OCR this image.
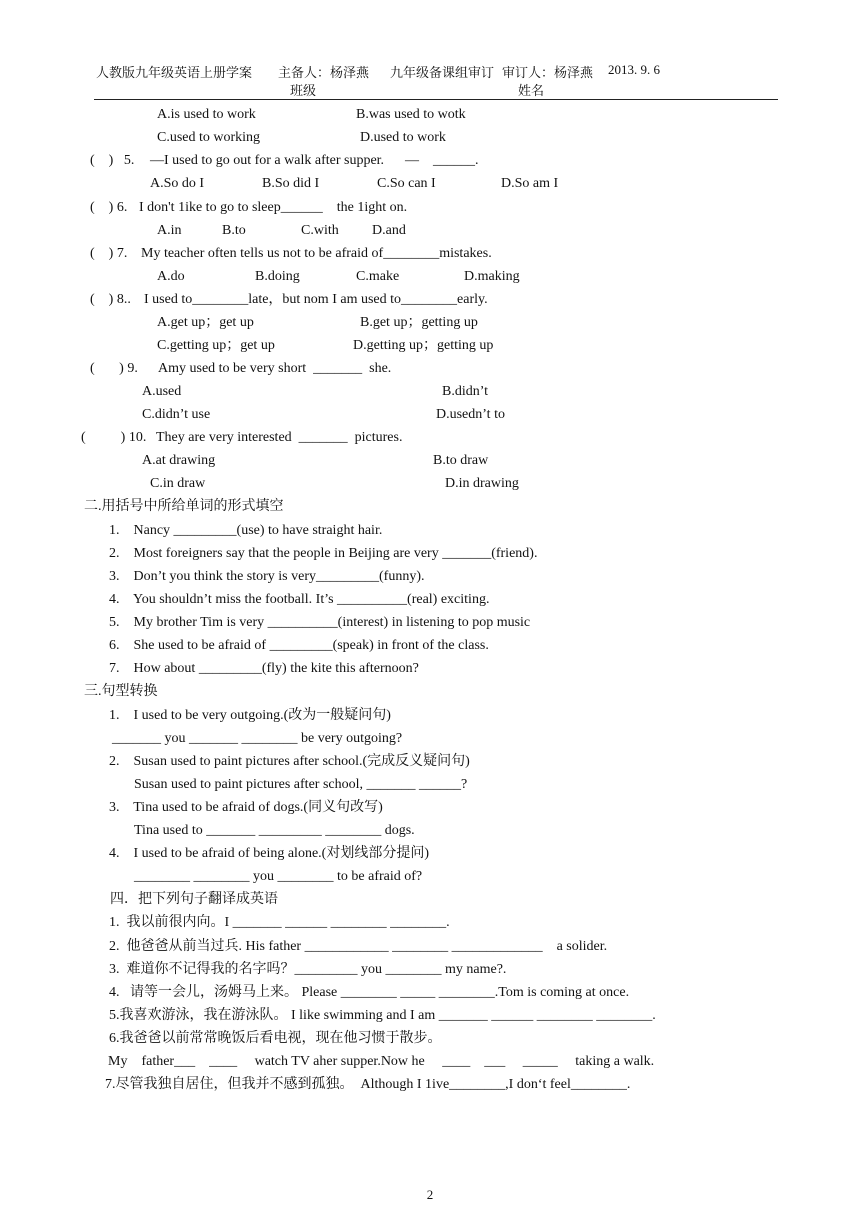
人教版九年级英语上册学案 主备人：杨泽燕 九年级备课组审订 审订人：杨泽燕 2013. 9. 6
班级	姓名
A.is used to work	B.was used to wotk
C.used to working	D.used to work
(    )   5. —I used to go out for a walk after supper.      —    ______.
A.So do I	B.So did I	C.So can I	D.So am I
(    ) 6. I don't 1ike to go to sleep______    the 1ight on.
A.in	B.to	C.with D.and
(    ) 7. My teacher often tells us not to be afraid of________mistakes.
A.do	B.doing	C.make	D.making
(    ) 8.. I used to________late，but nom I am used to________early.
A.get up；get up	B.get up；getting up
C.getting up；get up	D.getting up；getting up
(       ) 9. Amy used to be very short  _______  she.
A.used	B.didn’t
C.didn’t use	D.usedn’t to
(          ) 10. They are very interested  _______  pictures.
A.at drawing	B.to draw
C.in draw	D.in drawing
二.用括号中所给单词的形式填空
1.    Nancy _________(use) to have straight hair.
2.    Most foreigners say that the people in Beijing are very _______(friend).
3.    Don’t you think the story is very_________(funny).
4.    You shouldn’t miss the football. It’s __________(real) exciting.
5.    My brother Tim is very __________(interest) in listening to pop music
6.    She used to be afraid of _________(speak) in front of the class.
7.    How about _________(fly) the kite this afternoon?
三.句型转换
1.    I used to be very outgoing.(改为一般疑问句)
_______ you _______ ________ be very outgoing?
2.    Susan used to paint pictures after school.(完成反义疑问句)
Susan used to paint pictures after school, _______ ______?
3.    Tina used to be afraid of dogs.(同义句改写)
Tina used to _______ _________ ________ dogs.
4.    I used to be afraid of being alone.(对划线部分提问)
________ ________ you ________ to be afraid of?
四．把下列句子翻译成英语
1.  我以前很内向。I _______ ______ ________ ________.
2.  他爸爸从前当过兵. His father ____________ ________ _____________    a solider.
3.  难道你不记得我的名字吗？_________ you ________ my name?.
4.   请等一会儿，汤姆马上来。 Please ________ _____ ________.Tom is coming at once.
5.我喜欢游泳，我在游泳队。 I like swimming and I am _______ ______ ________ ________.
6.我爸爸以前常常晚饭后看电视，现在他习惯于散步。
My    father___    ____     watch TV aher supper.Now he     ____    ___     _____     taking a walk.
7.尽管我独自居住，但我并不感到孤独。  Although I 1ive________,I don‘t feel________.
2
